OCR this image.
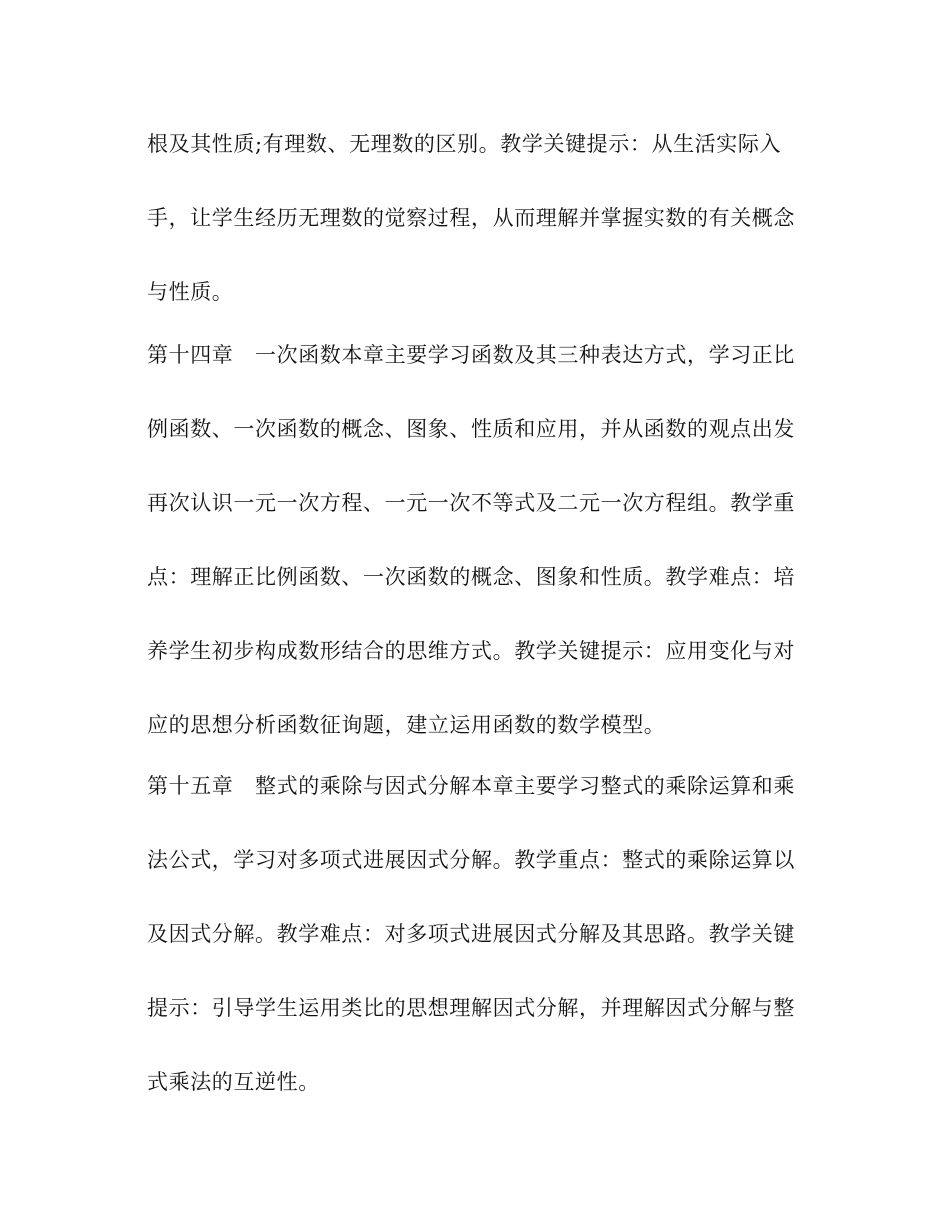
根及其性质;有理数、无理数的区别。教学关键提示：从生活实际入
手，让学生经历无理数的觉察过程，从而理解并掌握实数的有关概念
与性质。
第十四章　一次函数本章主要学习函数及其三种表达方式，学习正比
例函数、一次函数的概念、图象、性质和应用，并从函数的观点出发
再次认识一元一次方程、一元一次不等式及二元一次方程组。教学重
点：理解正比例函数、一次函数的概念、图象和性质。教学难点：培
养学生初步构成数形结合的思维方式。教学关键提示：应用变化与对
应的思想分析函数征询题，建立运用函数的数学模型。
第十五章　整式的乘除与因式分解本章主要学习整式的乘除运算和乘
法公式，学习对多项式进展因式分解。教学重点：整式的乘除运算以
及因式分解。教学难点：对多项式进展因式分解及其思路。教学关键
提示：引导学生运用类比的思想理解因式分解，并理解因式分解与整
式乘法的互逆性。
